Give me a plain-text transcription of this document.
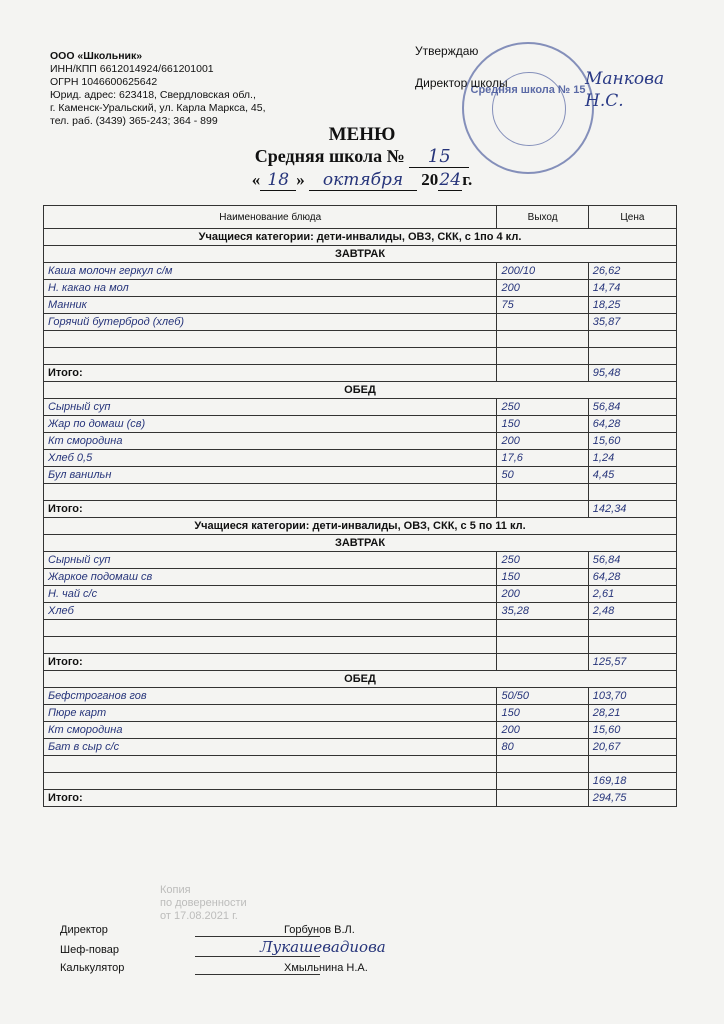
ООО «Школьник»
ИНН/КПП 6612014924/661201001
ОГРН 1046600625642
Юрид. адрес: 623418, Свердловская обл.,
г. Каменск-Уральский, ул. Карла Маркса, 45,
тел. раб. (3439) 365-243; 364 - 899
Средняя школа № 15
Утверждаю
Директор школы	Манкова Н.С.
МЕНЮ
Средняя школа № 15
« 18 » октября 2024г.
Наименование блюда	Выход	Цена
Учащиеся категории: дети-инвалиды, ОВЗ, СКК, с 1по 4 кл.		
ЗАВТРАК		
Каша молочн геркул с/м	200/10	26,62
Н. какао на мол	200	14,74
Манник	75	18,25
Горячий бутерброд (хлеб)		35,87

Итого:		95,48
ОБЕД		
Сырный суп	250	56,84
Жар по домаш (св)	150	64,28
Кт смородина	200	15,60
Хлеб 0,5	17,6	1,24
Бул ванильн	50	4,45

Итого:		142,34
Учащиеся категории: дети-инвалиды, ОВЗ, СКК, с 5 по 11 кл.		
ЗАВТРАК		
Сырный суп	250	56,84
Жаркое подомаш св	150	64,28
Н. чай с/с	200	2,61
Хлеб	35,28	2,48

Итого:		125,57
ОБЕД		
Бефстроганов гов	50/50	103,70
Пюре карт	150	28,21
Кт смородина	200	15,60
Бат в сыр с/с	80	20,67

		169,18
Итого:		294,75
Копия
по доверенности
от 17.08.2021 г.
Директор	Горбунов В.Л.
Шеф-повар	Лукашевадиова
Калькулятор	Хмыльнина Н.А.
